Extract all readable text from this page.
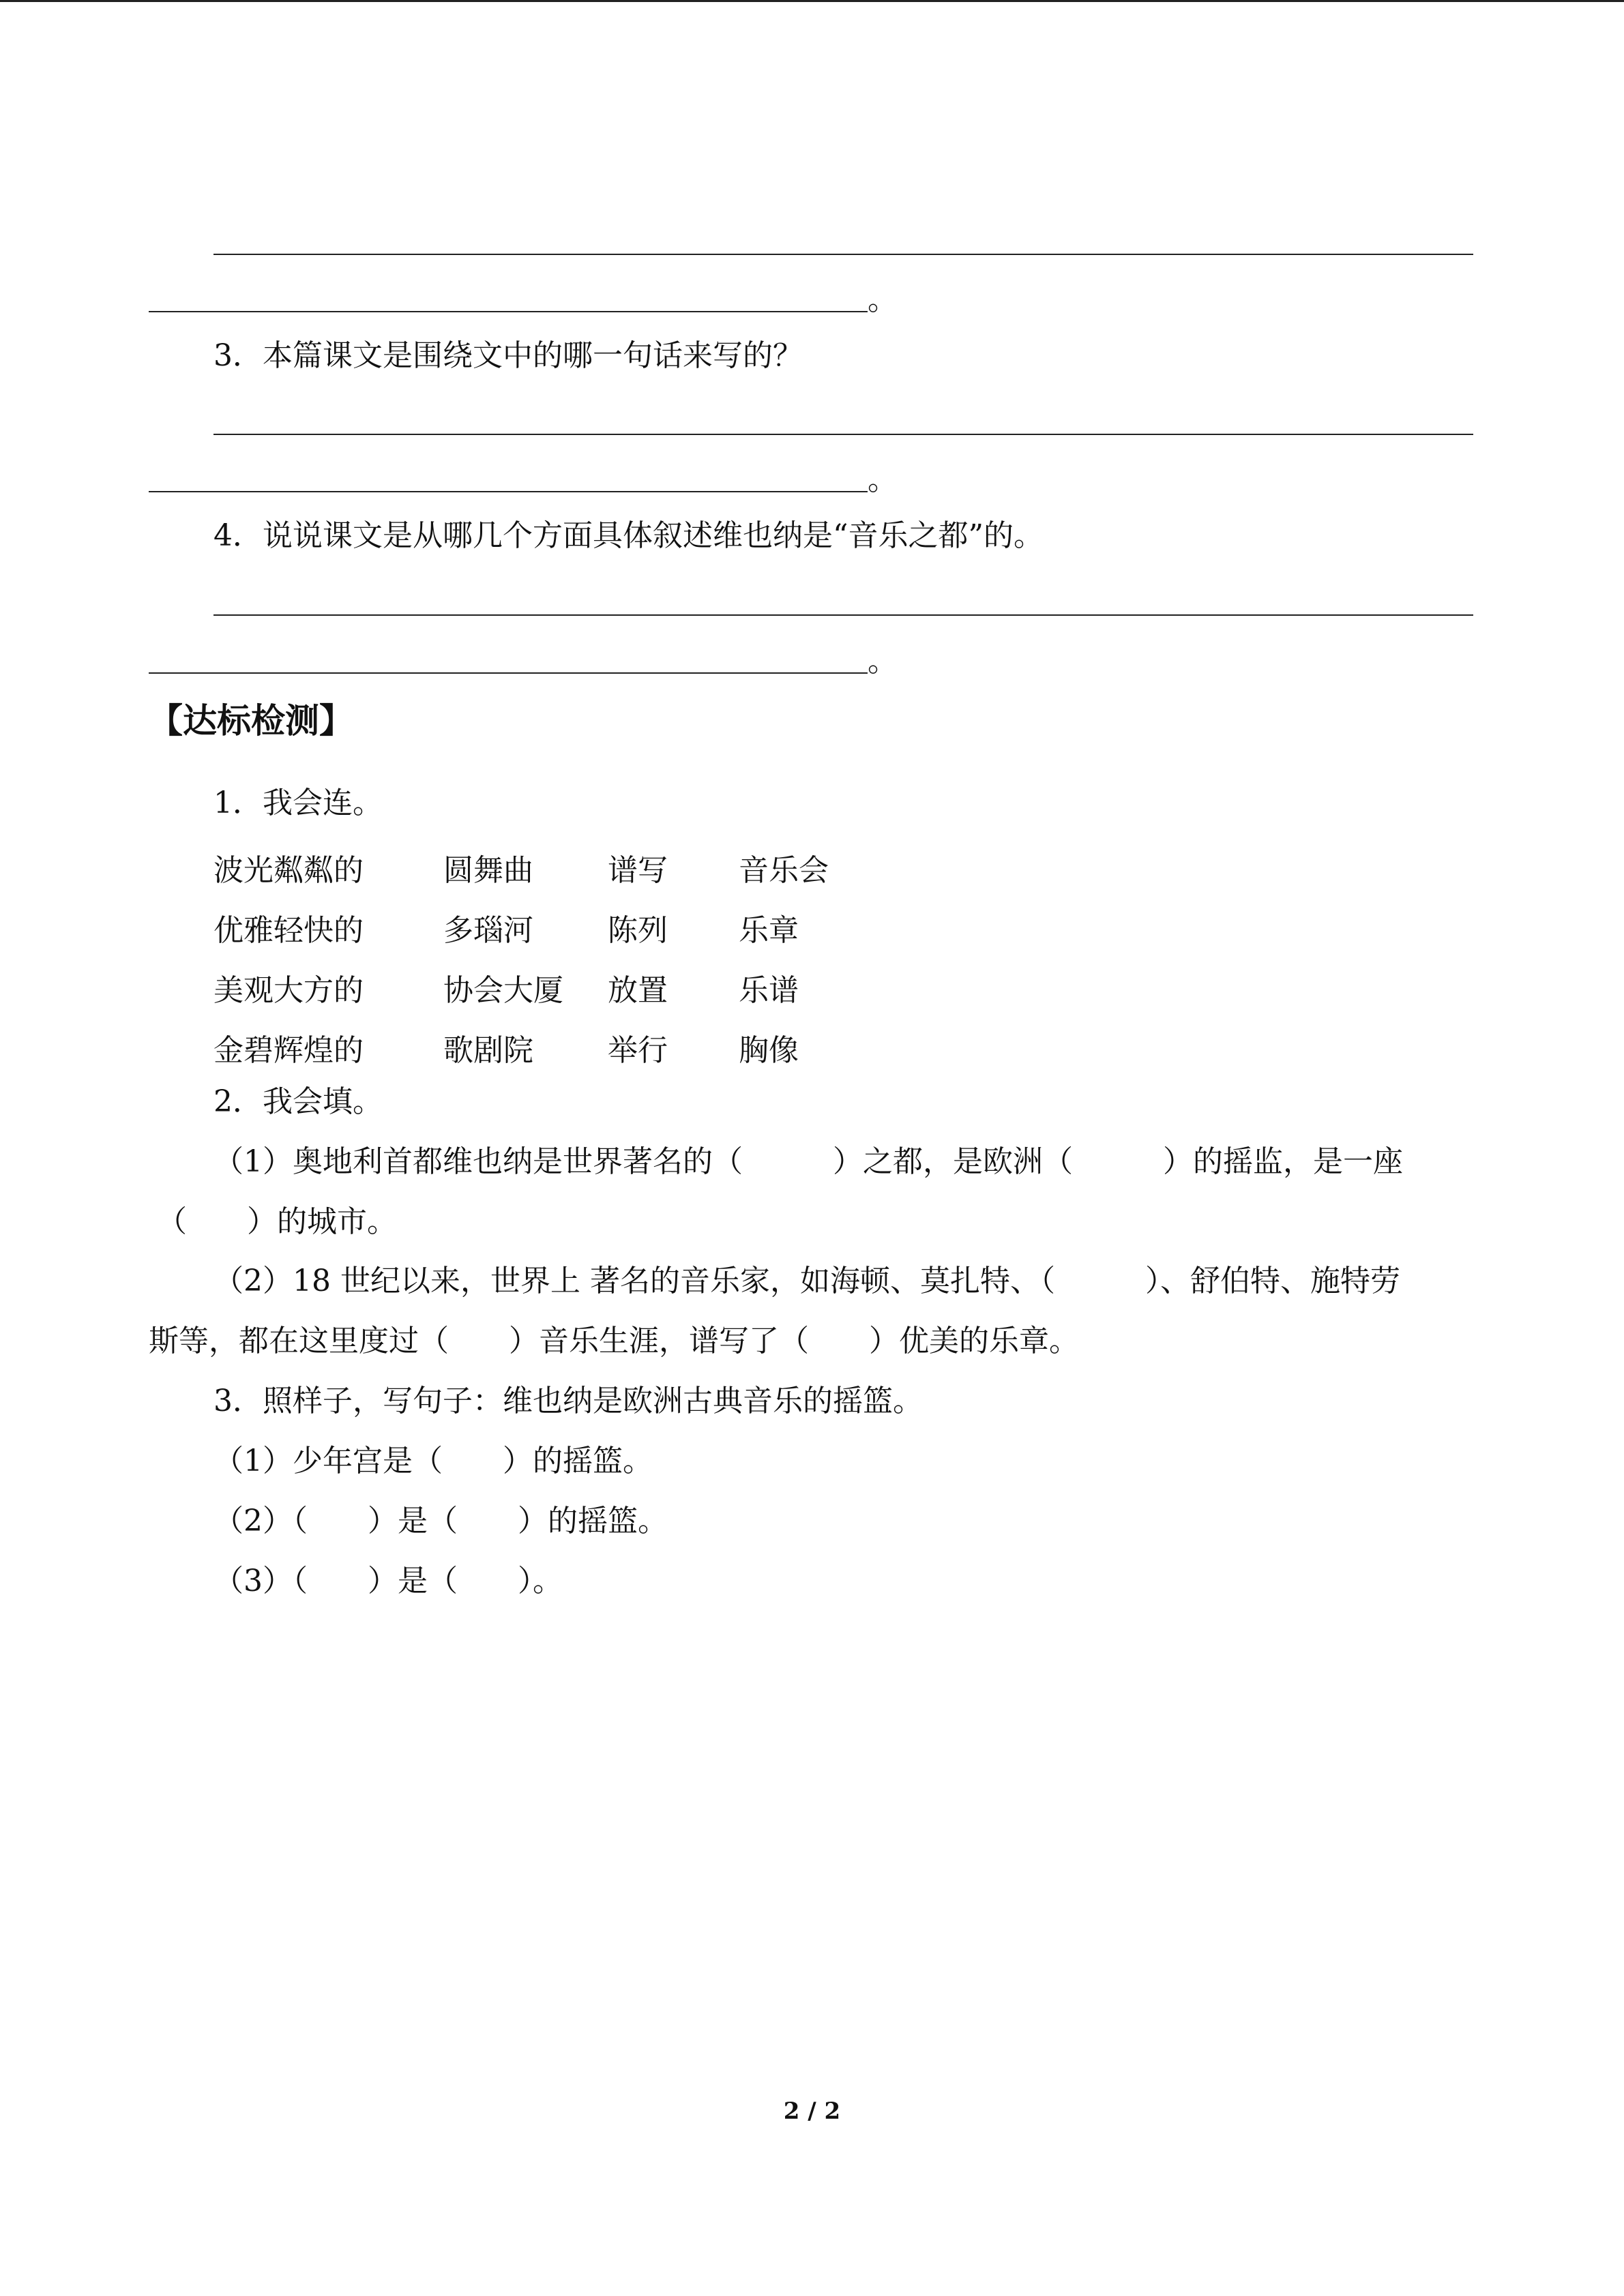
。
3．本篇课文是围绕文中的哪一句话来写的？
。
4．说说课文是从哪几个方面具体叙述维也纳是“音乐之都”的。
。
【达标检测】
1．我会连。
波光粼粼的	圆舞曲	谱写	音乐会
优雅轻快的	多瑙河	陈列	乐章
美观大方的	协会大厦	放置	乐谱
金碧辉煌的	歌剧院	举行	胸像
2．我会填。
（1）奥地利首都维也纳是世界著名的（　　　）之都，是欧洲（　　　）的摇监，是一座
（　　）的城市。
（2）18 世纪以来，世界上 著名的音乐家，如海顿、莫扎特、（　　　）、舒伯特、施特劳
斯等，都在这里度过（　　）音乐生涯，谱写了（　　）优美的乐章。
3．照样子，写句子：维也纳是欧洲古典音乐的摇篮。
（1）少年宫是（　　）的摇篮。
（2）（　　）是（　　）的摇篮。
（3）（　　）是（　　）。
2 / 2
